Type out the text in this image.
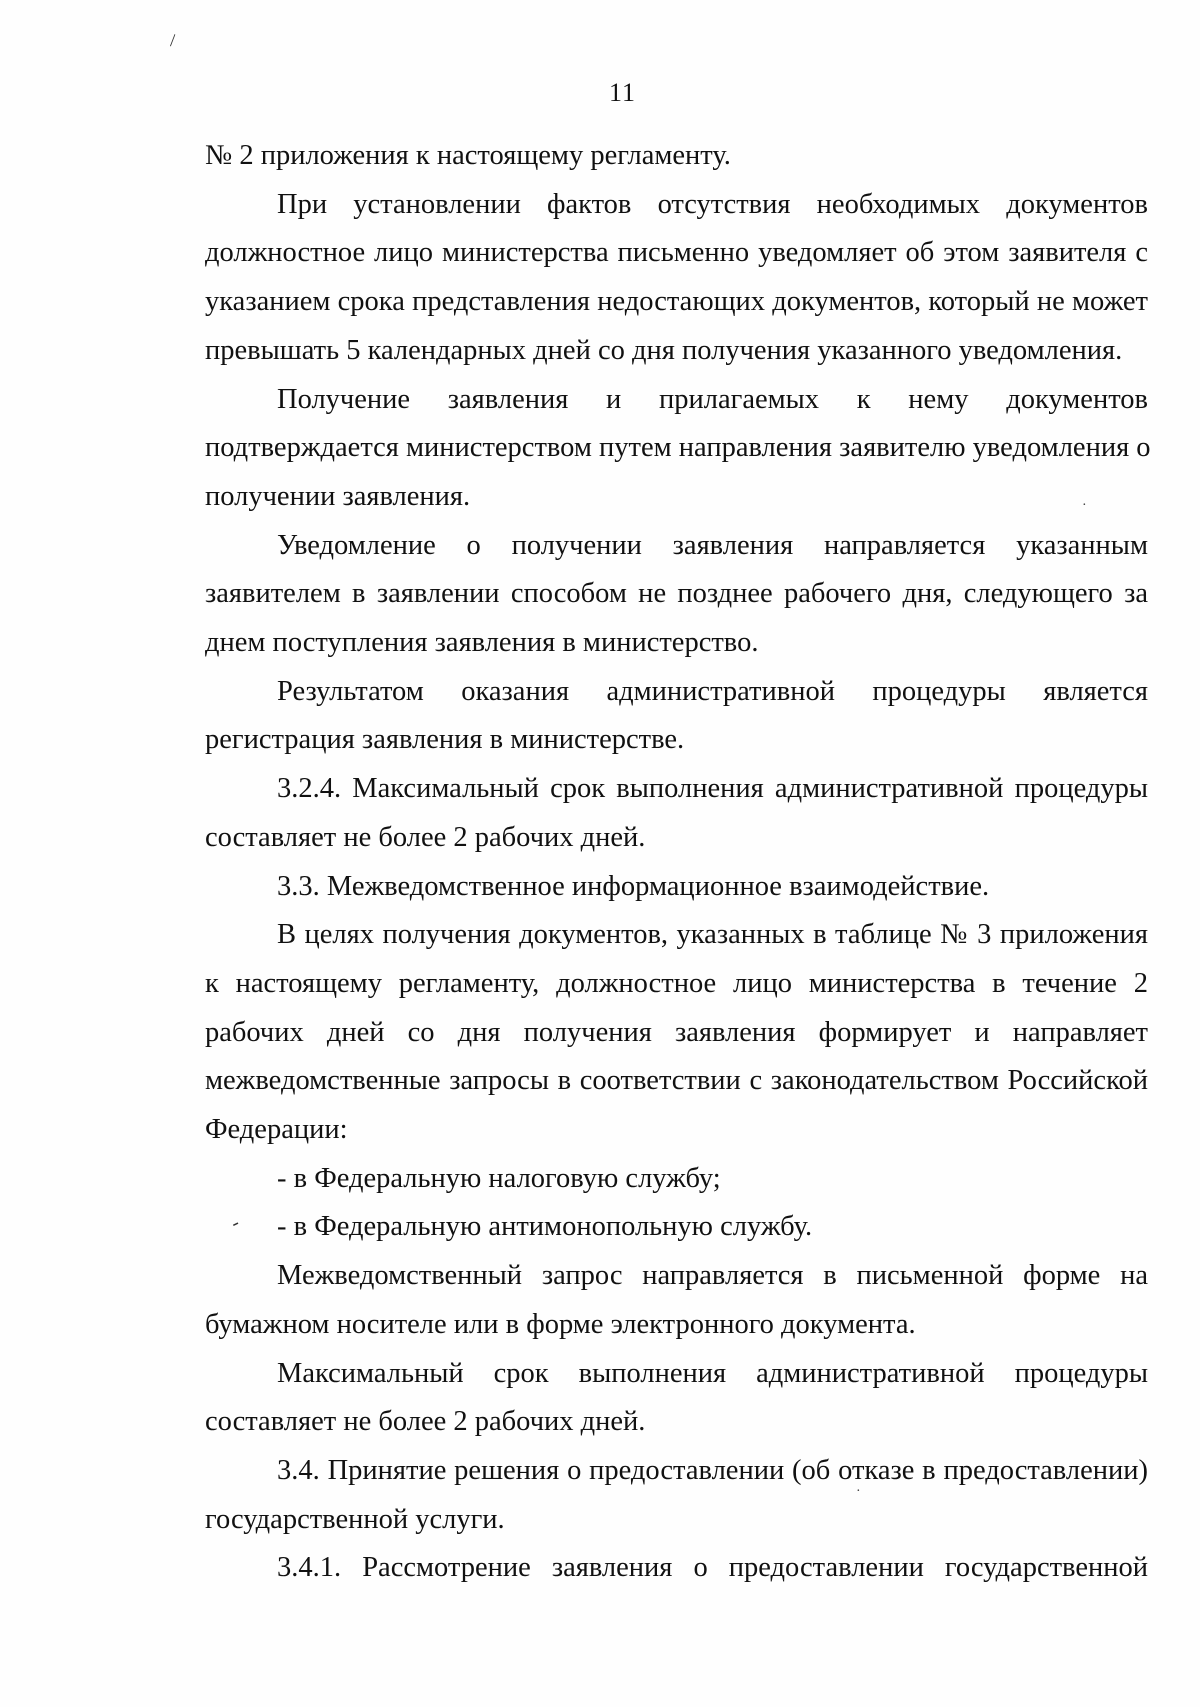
\
·
-
·
11

№ 2 приложения к настоящему регламенту.

При установлении фактов отсутствия необходимых документов
должностное лицо министерства письменно уведомляет об этом заявителя с
указанием срока представления недостающих документов, который не может
превышать 5 календарных дней со дня получения указанного уведомления.

Получение заявления и прилагаемых к нему документов
подтверждается министерством путем направления заявителю уведомления о
получении заявления.

Уведомление о получении заявления направляется указанным
заявителем в заявлении способом не позднее рабочего дня, следующего за
днем поступления заявления в министерство.

Результатом оказания административной процедуры является
регистрация заявления в министерстве.

3.2.4. Максимальный срок выполнения административной процедуры
составляет не более 2 рабочих дней.

3.3. Межведомственное информационное взаимодействие.

В целях получения документов, указанных в таблице № 3 приложения
к настоящему регламенту, должностное лицо министерства в течение 2
рабочих дней со дня получения заявления формирует и направляет
межведомственные запросы в соответствии с законодательством Российской
Федерации:

- в Федеральную налоговую службу;

- в Федеральную антимонопольную службу.

Межведомственный запрос направляется в письменной форме на
бумажном носителе или в форме электронного документа.

Максимальный срок выполнения административной процедуры
составляет не более 2 рабочих дней.

3.4. Принятие решения о предоставлении (об отказе в предоставлении)
государственной услуги.

3.4.1. Рассмотрение заявления о предоставлении государственной
